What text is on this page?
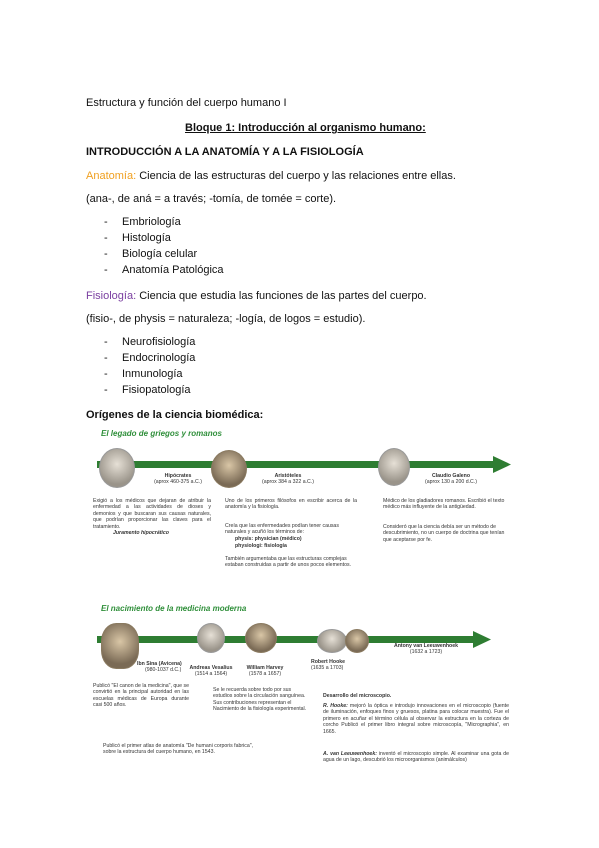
Estructura y función del cuerpo humano I
Bloque 1: Introducción al organismo humano:
INTRODUCCIÓN A LA ANATOMÍA Y A LA FISIOLOGÍA
Anatomía: Ciencia de las estructuras del cuerpo y las relaciones entre ellas.
(ana-, de aná = a través; -tomía, de tomée = corte).
- Embriología
- Histología
- Biología celular
- Anatomía Patológica
Fisiología: Ciencia que estudia las funciones de las partes del cuerpo.
(fisio-, de physis = naturaleza; -logía, de logos = estudio).
- Neurofisiología
- Endocrinología
- Inmunología
- Fisiopatología
Orígenes de la ciencia biomédica:
El legado de griegos y romanos
Hipócrates
(aprox 460-375 a.C.)
Aristóteles
(aprox 384 a 322 a.C.)
Claudio Galeno
(aprox 130 a 200 d.C.)
Exigió a los médicos que dejaran de atribuir la enfermedad a las actividades de dioses y demonios y que buscaran sus causas naturales, que podrían proporcionar las claves para el tratamiento.
Juramento hipocrático
Uno de los primeros filósofos en escribir acerca de la anatomía y la fisiología.
Creía que las enfermedades podían tener causas naturales y acuñó los términos de:
physis: physician (médico)
physiologi: fisiología
También argumentaba que las estructuras complejas estaban construidas a partir de unos pocos elementos.
Médico de los gladiadores romanos. Escribió el texto médico más influyente de la antigüedad.
Consideró que la ciencia debía ser un método de descubrimiento, no un cuerpo de doctrina que tenían que aceptarse por fe.
El nacimiento de la medicina moderna
Ibn Sina (Avicena)
(980-1037 d.C.)	Andreas Vesalius
(1514 a 1564)
William Harvey
(1578 a 1657)
Robert Hooke
(1635 a 1703)
Antony van Leeuwenhoek
(1632 a 1723)
Publicó "El canon de la medicina", que se convirtió en la principal autoridad en las escuelas médicas de Europa durante casi 500 años.
Publicó el primer atlas de anatomía "De humani corporis fabrica", sobre la estructura del cuerpo humano, en 1543.
Se le recuerda sobre todo por sus estudios sobre la circulación sanguínea. Sus contribuciones representan el Nacimiento de la fisiología experimental.
Desarrollo del microscopio.
R. Hooke: mejoró la óptica e introdujo innovaciones en el microscopio (fuente de iluminación, enfoques finos y gruesos, platina para colocar muestra). Fue el primero en acuñar el término célula al observar la estructura en la corteza de corcho Publicó el primer libro integral sobre microscopía, "Micrographia", en 1665.
A. van Leeuwenhoek: inventó el microscopio simple. Al examinar una gota de agua de un lago, descubrió los microorganismos (animálculos)
